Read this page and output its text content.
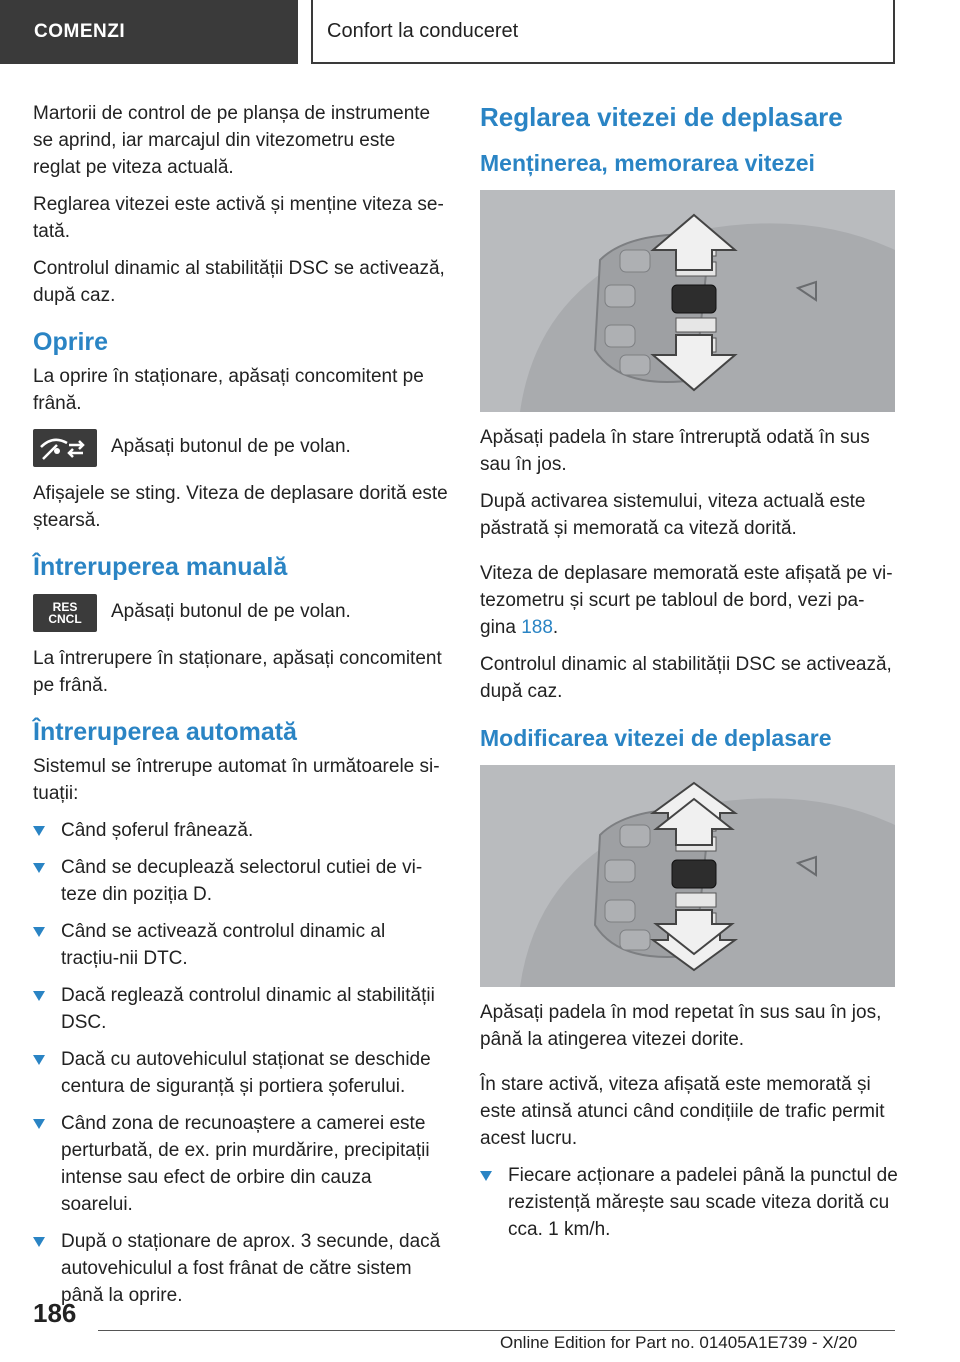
COMENZI	Confort la conduceret

Martorii de control de pe planșa de instrumente se aprind, iar marcajul din vitezometru este reglat pe viteza actuală.

Reglarea vitezei este activă și menține viteza se‐tată.

Controlul dinamic al stabilității DSC se activează, după caz.

Oprire

La oprire în staționare, apăsați concomitent pe frână.

Apăsați butonul de pe volan.

Afișajele se sting. Viteza de deplasare dorită este ștearsă.

Întreruperea manuală
RES CNCL Apăsați butonul de pe volan.

La întrerupere în staționare, apăsați concomitent pe frână.

Întreruperea automată

Sistemul se întrerupe automat în următoarele si‐tuații:

Când șoferul frânează.
Când se decuplează selectorul cutiei de vi‐teze din poziția D.
Când se activează controlul dinamic al tracțiu‐nii DTC.
Dacă reglează controlul dinamic al stabilității DSC.
Dacă cu autovehiculul staționat se deschide centura de siguranță și portiera șoferului.
Când zona de recunoaștere a camerei este perturbată, de ex. prin murdărire, precipitații intense sau efect de orbire din cauza soarelui.
După o staționare de aprox. 3 secunde, dacă autovehiculul a fost frânat de către sistem până la oprire.
Reglarea vitezei de deplasare
Menținerea, memorarea vitezei

Apăsați padela în stare întreruptă odată în sus sau în jos.

După activarea sistemului, viteza actuală este păstrată și memorată ca viteză dorită.

Viteza de deplasare memorată este afișată pe vi‐tezometru și scurt pe tabloul de bord, vezi pa‐gina 188.

Controlul dinamic al stabilității DSC se activează, după caz.

Modificarea vitezei de deplasare

Apăsați padela în mod repetat în sus sau în jos, până la atingerea vitezei dorite.

În stare activă, viteza afișată este memorată și este atinsă atunci când condițiile de trafic permit acest lucru.

Fiecare acționare a padelei până la punctul de rezistență mărește sau scade viteza dorită cu cca. 1 km/h.
186
Online Edition for Part no. 01405A1E739 - X/20
